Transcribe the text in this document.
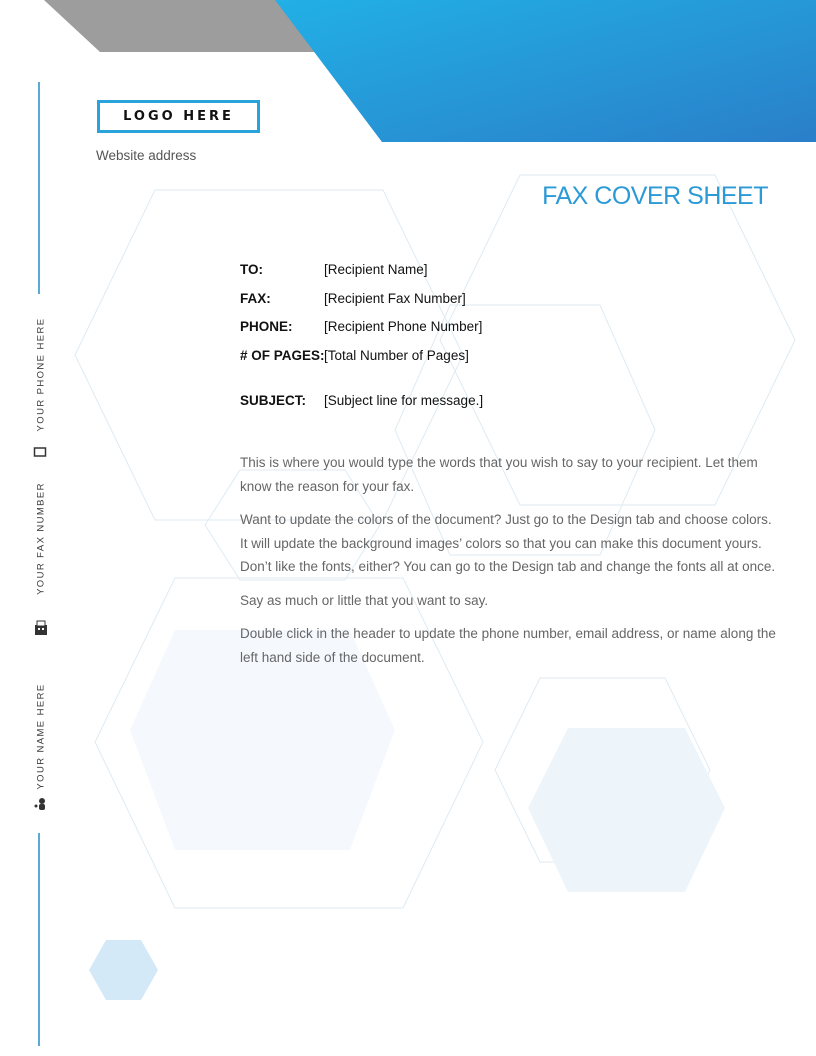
YOUR PHONE HERE
YOUR FAX NUMBER
YOUR NAME HERE
LOGO HERE
Website address
FAX COVER SHEET
TO:	[Recipient Name]
FAX:	[Recipient Fax Number]
PHONE: [Recipient Phone Number]
# OF PAGES: [Total Number of Pages]
SUBJECT: [Subject line for message.]

This is where you would type the words that you wish to say to your recipient. Let them know the reason for your fax.

Want to update the colors of the document? Just go to the Design tab and choose colors. It will update the background images’ colors so that you can make this document yours. Don’t like the fonts, either? You can go to the Design tab and change the fonts all at once.

Say as much or little that you want to say.

Double click in the header to update the phone number, email address, or name along the left hand side of the document.
